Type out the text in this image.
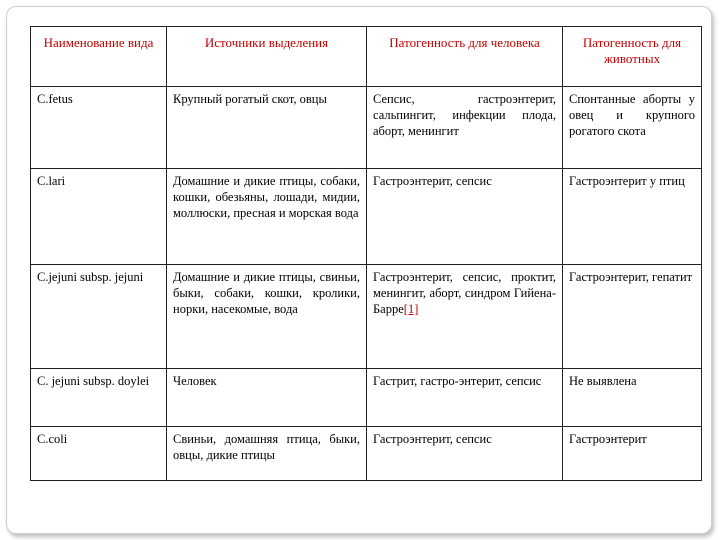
Наименование вида	Источники выделения	Патогенность для человека	Патогенность для животных
C.fetus	Крупный рогатый скот, овцы	Сепсис, гастроэнтерит, сальпингит, инфекции плода, аборт, менингит	Спонтанные аборты у овец и крупного рогатого скота
C.lari	Домашние и дикие птицы, собаки, кошки, обезьяны, лошади, мидии, моллюски, пресная и морская вода	Гастроэнтерит, сепсис	Гастроэнтерит у птиц
C.jejuni subsp. jejuni	Домашние и дикие птицы, свиньи, быки, собаки, кошки, кролики, норки, насекомые, вода	Гастроэнтерит, сепсис, проктит, менингит, аборт, синдром Гийена-Барре[1]	Гастроэнтерит, гепатит
C. jejuni subsp. doylei	Человек	Гастрит, гастро-энтерит, сепсис	Не выявлена
C.coli	Свиньи, домашняя птица, быки, овцы, дикие птицы	Гастроэнтерит, сепсис	Гастроэнтерит
